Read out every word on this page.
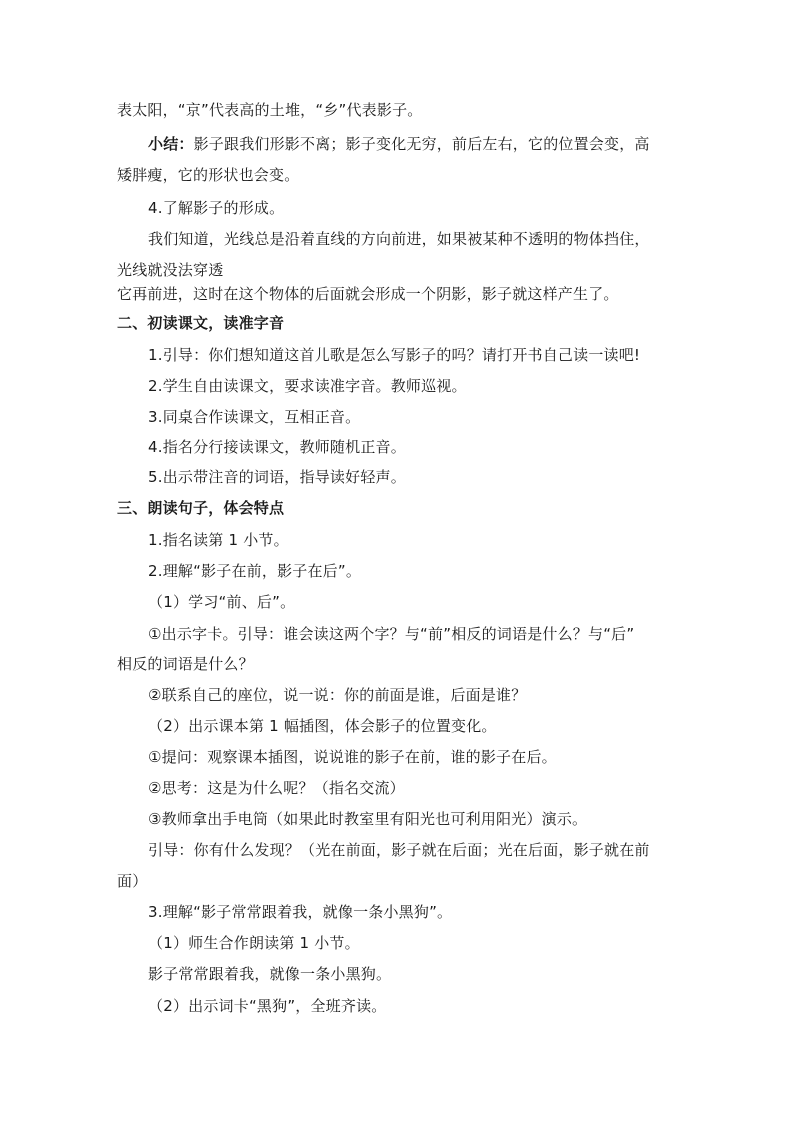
表太阳，“京”代表高的土堆，“乡”代表影子。
小结：影子跟我们形影不离；影子变化无穷，前后左右，它的位置会变，高
矮胖瘦，它的形状也会变。
4.了解影子的形成。
我们知道，光线总是沿着直线的方向前进，如果被某种不透明的物体挡住，
光线就没法穿透
它再前进，这时在这个物体的后面就会形成一个阴影，影子就这样产生了。
二、初读课文，读准字音
1.引导：你们想知道这首儿歌是怎么写影子的吗？请打开书自己读一读吧!
2.学生自由读课文，要求读准字音。教师巡视。
3.同桌合作读课文，互相正音。
4.指名分行接读课文，教师随机正音。
5.出示带注音的词语，指导读好轻声。
三、朗读句子，体会特点
1.指名读第 1 小节。
2.理解“影子在前，影子在后”。
（1）学习“前、后”。
①出示字卡。引导：谁会读这两个字？与“前”相反的词语是什么？与“后”
相反的词语是什么？
②联系自己的座位，说一说：你的前面是谁，后面是谁？
（2）出示课本第 1 幅插图，体会影子的位置变化。
①提问：观察课本插图，说说谁的影子在前，谁的影子在后。
②思考：这是为什么呢？（指名交流）
③教师拿出手电筒（如果此时教室里有阳光也可利用阳光）演示。
引导：你有什么发现？（光在前面，影子就在后面；光在后面，影子就在前
面）
3.理解“影子常常跟着我，就像一条小黑狗”。
（1）师生合作朗读第 1 小节。
影子常常跟着我，就像一条小黑狗。
（2）出示词卡“黑狗”，全班齐读。
